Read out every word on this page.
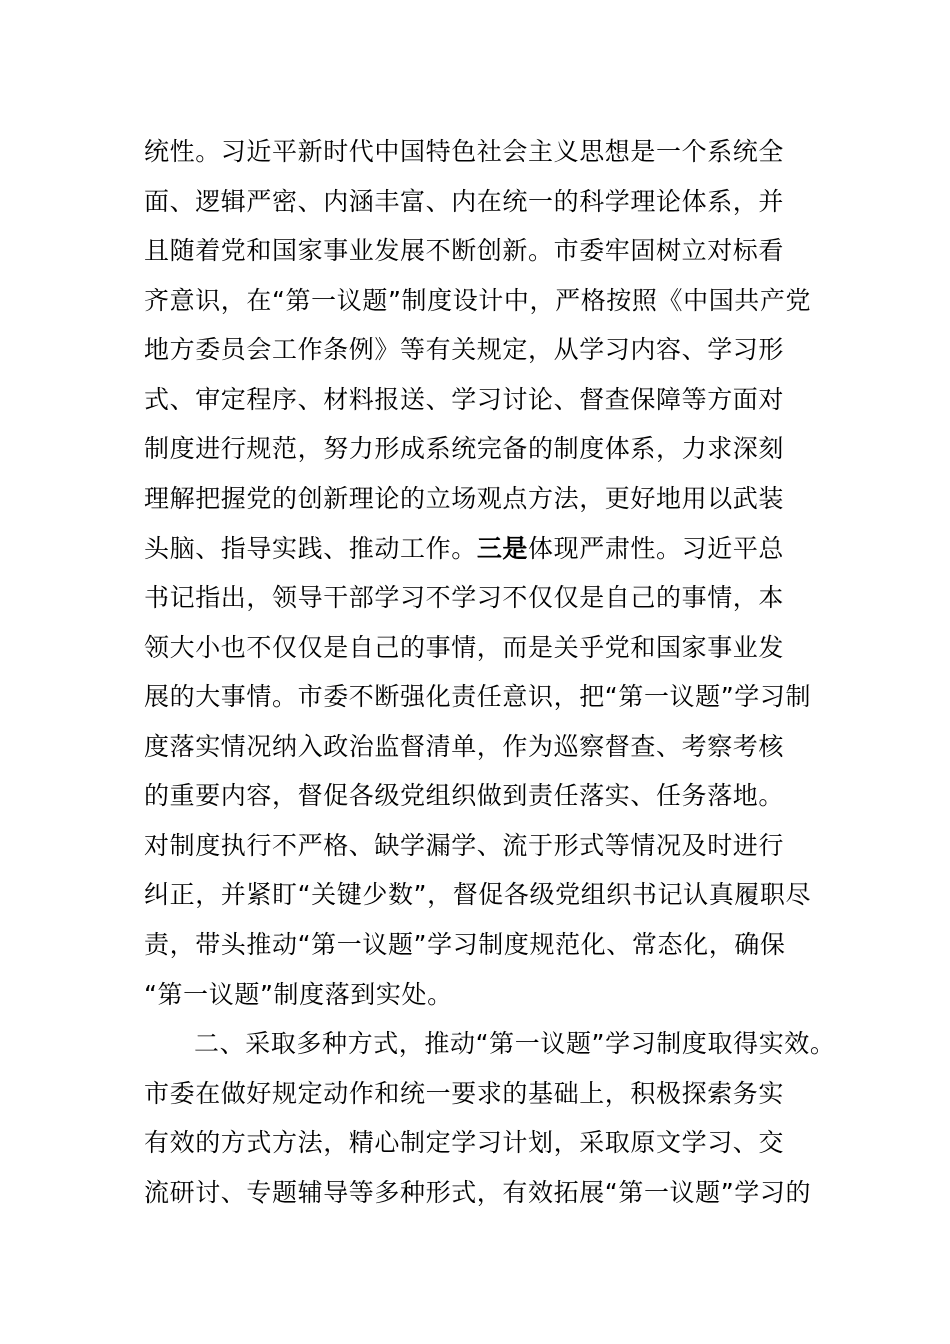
统性。习近平新时代中国特色社会主义思想是一个系统全
面、逻辑严密、内涵丰富、内在统一的科学理论体系，并
且随着党和国家事业发展不断创新。市委牢固树立对标看
齐意识，在“第一议题”制度设计中，严格按照《中国共产党
地方委员会工作条例》等有关规定，从学习内容、学习形
式、审定程序、材料报送、学习讨论、督查保障等方面对
制度进行规范，努力形成系统完备的制度体系，力求深刻
理解把握党的创新理论的立场观点方法，更好地用以武装
头脑、指导实践、推动工作。三是体现严肃性。习近平总
书记指出，领导干部学习不学习不仅仅是自己的事情，本
领大小也不仅仅是自己的事情，而是关乎党和国家事业发
展的大事情。市委不断强化责任意识，把“第一议题”学习制
度落实情况纳入政治监督清单，作为巡察督查、考察考核
的重要内容，督促各级党组织做到责任落实、任务落地。
对制度执行不严格、缺学漏学、流于形式等情况及时进行
纠正，并紧盯“关键少数”，督促各级党组织书记认真履职尽
责，带头推动“第一议题”学习制度规范化、常态化，确保
“第一议题”制度落到实处。
二、采取多种方式，推动“第一议题”学习制度取得实效。
市委在做好规定动作和统一要求的基础上，积极探索务实
有效的方式方法，精心制定学习计划，采取原文学习、交
流研讨、专题辅导等多种形式，有效拓展“第一议题”学习的
